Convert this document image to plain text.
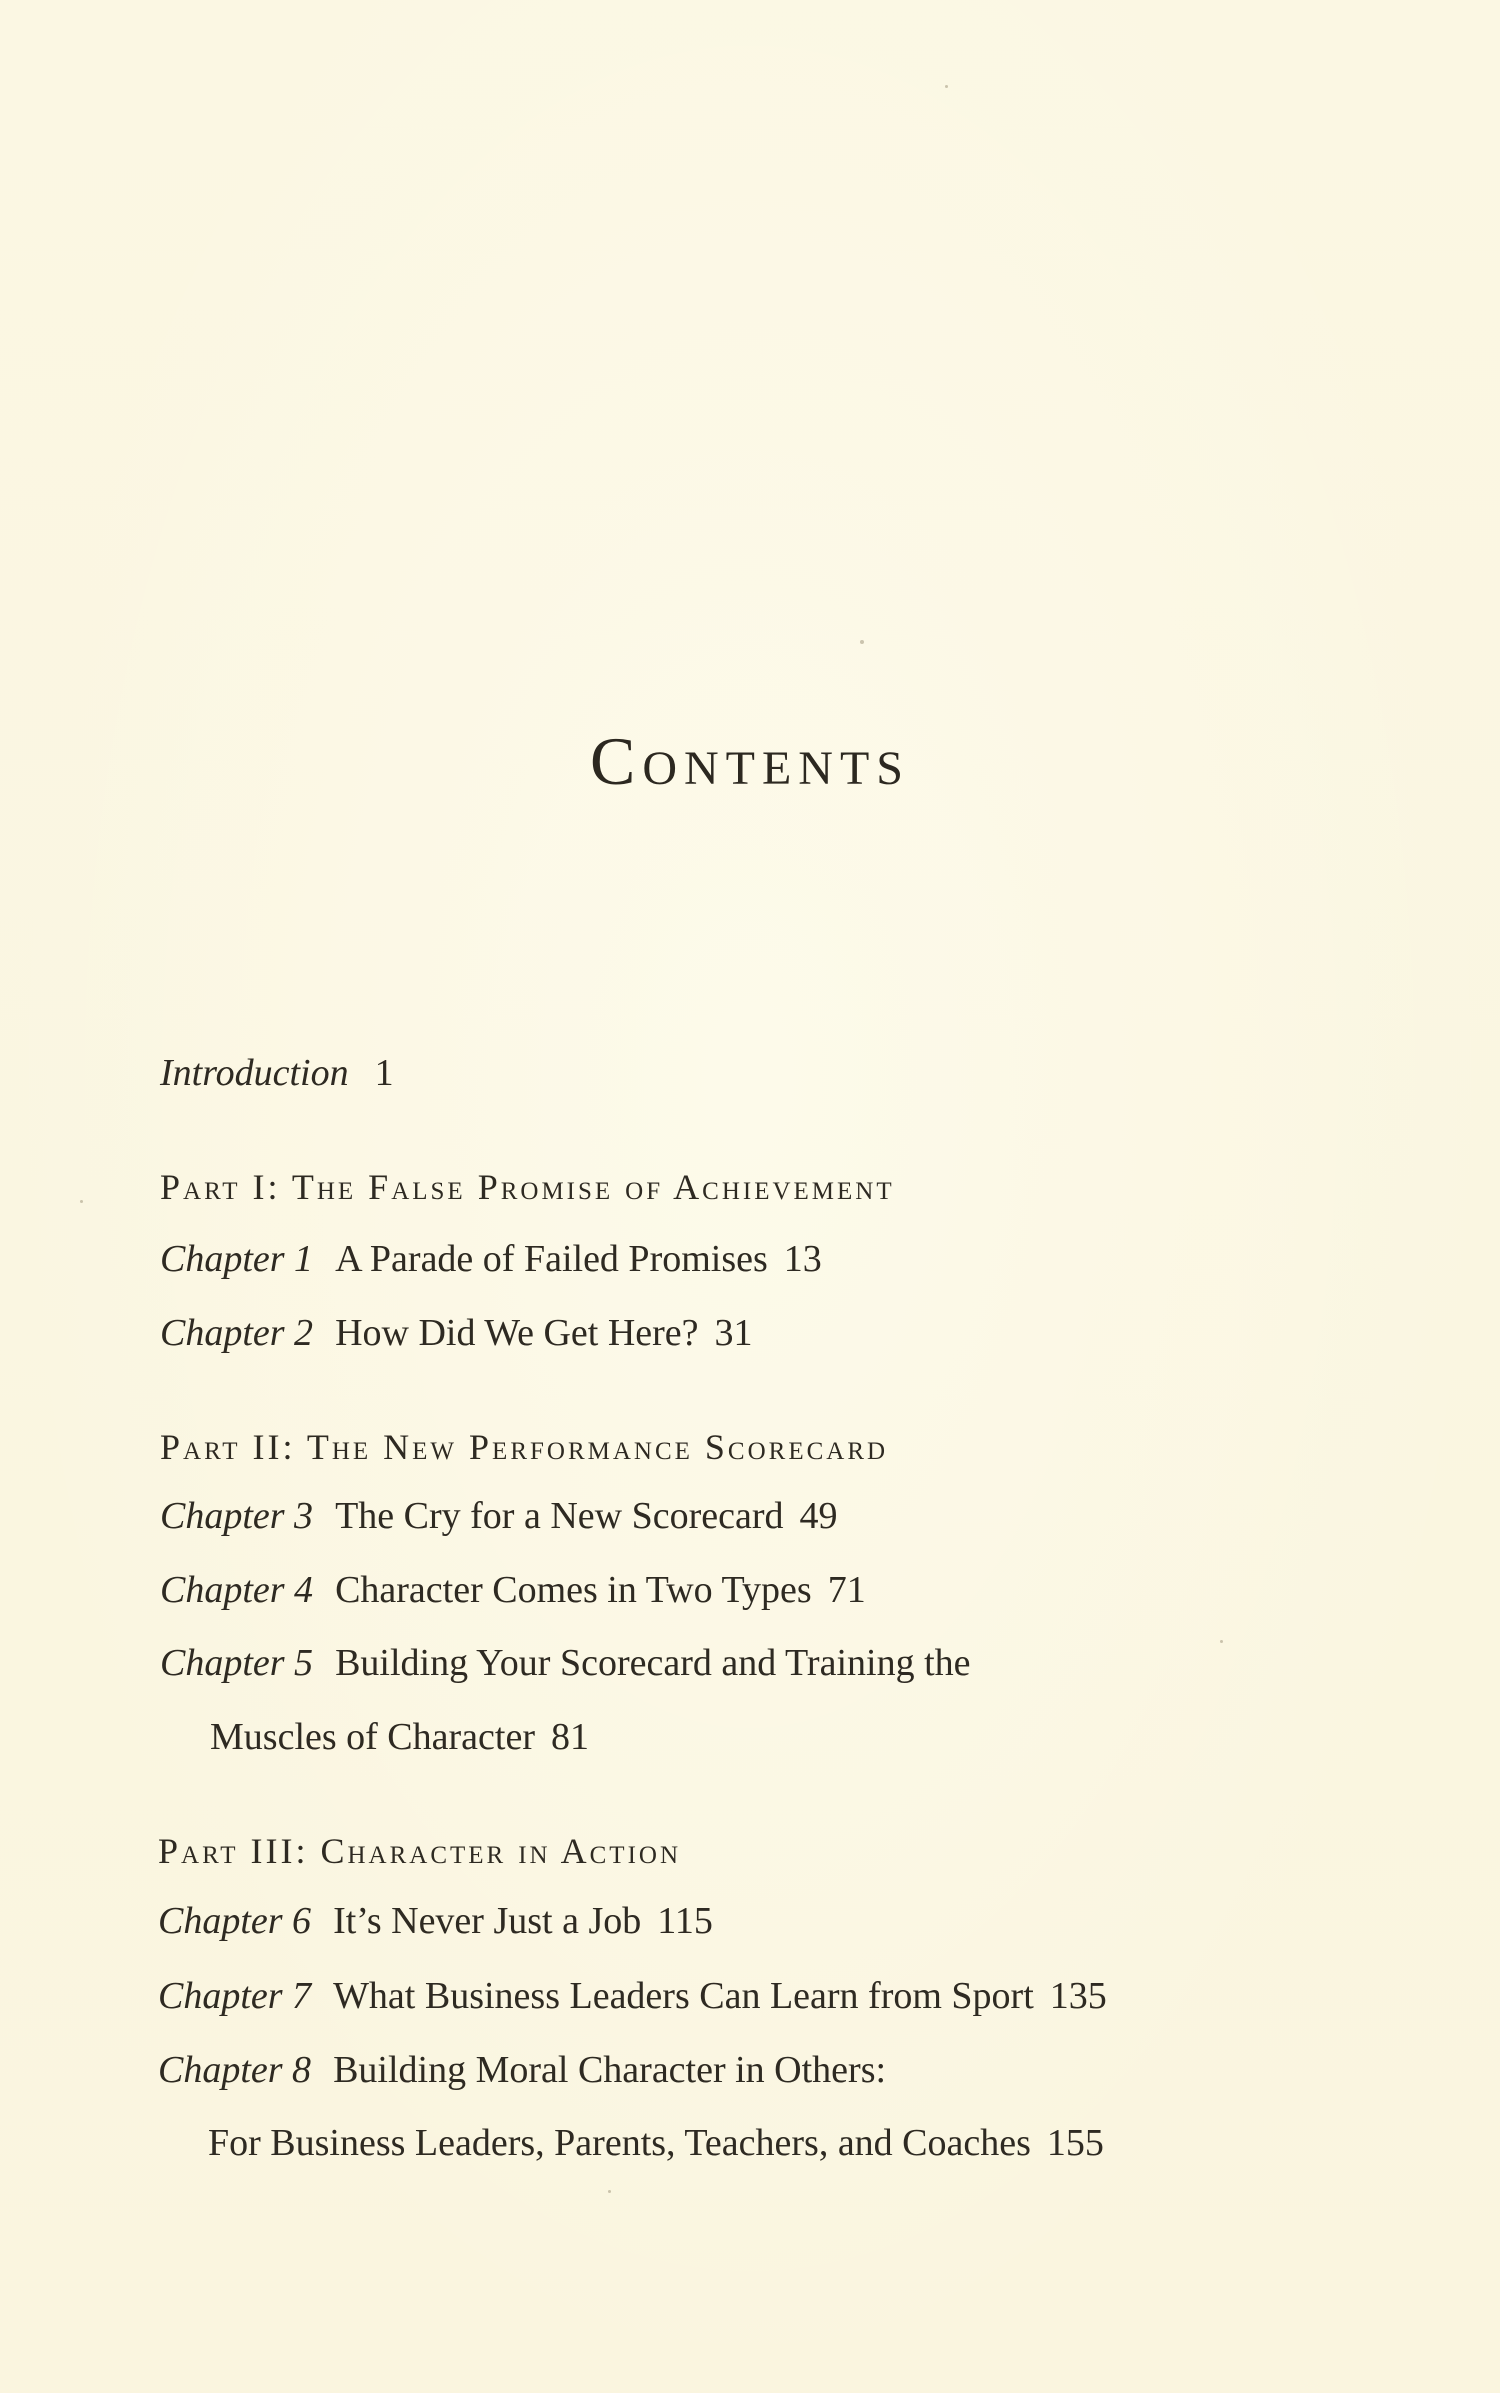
Contents
Introduction 1
Part I: The False Promise of Achievement
Chapter 1 A Parade of Failed Promises 13
Chapter 2 How Did We Get Here? 31
Part II: The New Performance Scorecard
Chapter 3 The Cry for a New Scorecard 49
Chapter 4 Character Comes in Two Types 71
Chapter 5 Building Your Scorecard and Training the
Muscles of Character 81
Part III: Character in Action
Chapter 6 It’s Never Just a Job 115
Chapter 7 What Business Leaders Can Learn from Sport 135
Chapter 8 Building Moral Character in Others:
For Business Leaders, Parents, Teachers, and Coaches 155
